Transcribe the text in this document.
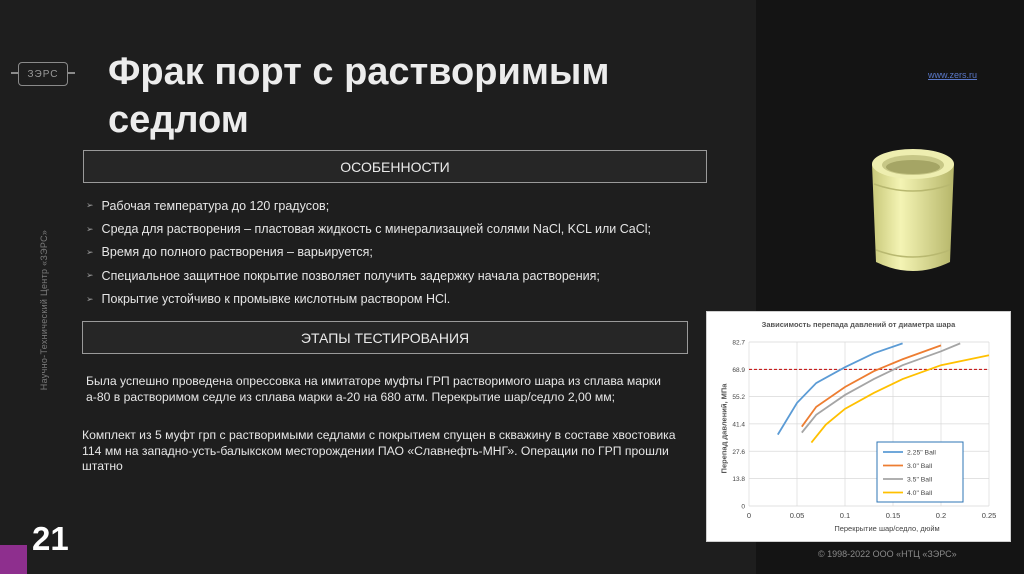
ЗЭРС Фрак порт с растворимым седлом
www.zers.ru
Научно-Технический Центр «ЗЭРС»
ОСОБЕННОСТИ
➢ Рабочая температура до 120 градусов;
➢ Среда для растворения – пластовая жидкость с минерализацией солями NaCl, KCL или CaCl;
➢ Время до полного растворения – варьируется;
➢ Специальное защитное покрытие позволяет получить задержку начала растворения;
➢ Покрытие устойчиво к промывке кислотным раствором HCl.
ЭТАПЫ ТЕСТИРОВАНИЯ
Была успешно проведена опрессовка на имитаторе муфты ГРП растворимого шара из сплава марки а-80 в растворимом седле из сплава марки а-20 на 680 атм. Перекрытие шар/седло 2,00 мм;
Комплект из 5 муфт грп с растворимыми седлами с покрытием спущен в скважину в составе хвостовика 114 мм на западно-усть-балыкском месторождении ПАО «Славнефть-МНГ». Операции по ГРП прошли штатно
Зависимость перепада давлений от диаметра шара
Перепад давлений, МПа
Перекрытие шар/седло, дюйм
0	0.05	0.1	0.15	0.2	0.25
0
13.8
27.6
41.4
55.2
68.9
82.7
2.25" Ball
3.0" Ball
3.5" Ball
4.0" Ball
© 1998-2022 ООО «НТЦ «ЗЭРС»
21
